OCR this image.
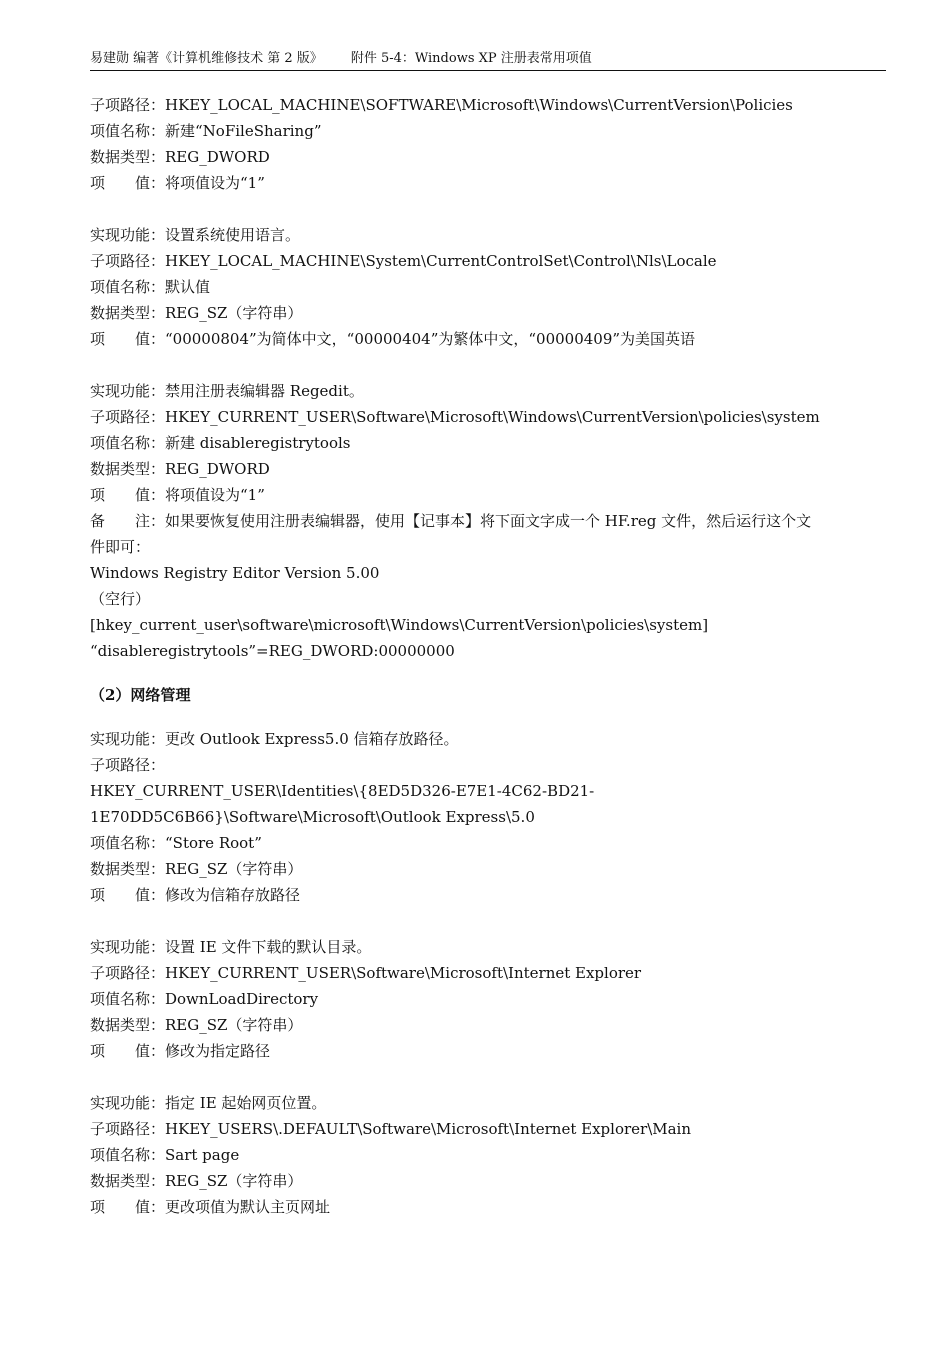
易建勋 编著《计算机维修技术 第 2 版》 附件 5-4：Windows XP 注册表常用项值
子项路径：HKEY_LOCAL_MACHINE\SOFTWARE\Microsoft\Windows\CurrentVersion\Policies
项值名称：新建“NoFileSharing”
数据类型：REG_DWORD
项　　值：将项值设为“1”
实现功能：设置系统使用语言。
子项路径：HKEY_LOCAL_MACHINE\System\CurrentControlSet\Control\Nls\Locale
项值名称：默认值
数据类型：REG_SZ（字符串）
项　　值：“00000804”为简体中文，“00000404”为繁体中文，“00000409”为美国英语
实现功能：禁用注册表编辑器 Regedit。
子项路径：HKEY_CURRENT_USER\Software\Microsoft\Windows\CurrentVersion\policies\system
项值名称：新建 disableregistrytools
数据类型：REG_DWORD
项　　值：将项值设为“1”
备　　注：如果要恢复使用注册表编辑器，使用【记事本】将下面文字成一个 HF.reg 文件，然后运行这个文
件即可：
Windows Registry Editor Version 5.00
（空行）
[hkey_current_user\software\microsoft\Windows\CurrentVersion\policies\system]
“disableregistrytools”=REG_DWORD:00000000
（2）网络管理
实现功能：更改 Outlook Express5.0 信箱存放路径。
子项路径：
HKEY_CURRENT_USER\Identities\{8ED5D326-E7E1-4C62-BD21-
1E70DD5C6B66}\Software\Microsoft\Outlook Express\5.0
项值名称：“Store Root”
数据类型：REG_SZ（字符串）
项　　值：修改为信箱存放路径
实现功能：设置 IE 文件下载的默认目录。
子项路径：HKEY_CURRENT_USER\Software\Microsoft\Internet Explorer
项值名称：DownLoadDirectory
数据类型：REG_SZ（字符串）
项　　值：修改为指定路径
实现功能：指定 IE 起始网页位置。
子项路径：HKEY_USERS\.DEFAULT\Software\Microsoft\Internet Explorer\Main
项值名称：Sart page
数据类型：REG_SZ（字符串）
项　　值：更改项值为默认主页网址
